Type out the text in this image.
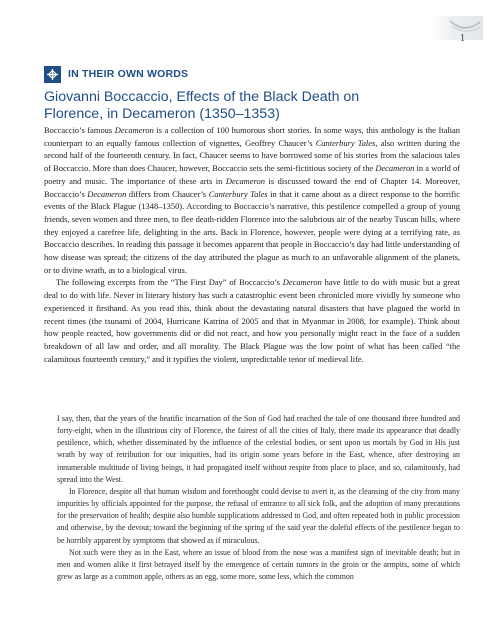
1
IN THEIR OWN WORDS
Giovanni Boccaccio, Effects of the Black Death on Florence, in Decameron (1350–1353)

Boccaccio’s famous Decameron is a collection of 100 humorous short stories. In some ways, this anthology is the Italian counterpart to an equally famous collection of vignettes, Geoffrey Chaucer’s Canterbury Tales, also written during the second half of the fourteenth century. In fact, Chaucer seems to have borrowed some of his stories from the salacious tales of Boccaccio. More than does Chaucer, however, Boccaccio sets the semi-fictitious society of the Decameron in a world of poetry and music. The importance of these arts in Decameron is discussed toward the end of Chapter 14. Moreover, Boccaccio’s Decameron differs from Chaucer’s Canterbury Tales in that it came about as a direct response to the horrific events of the Black Plague (1348–1350). According to Boccaccio’s narrative, this pestilence compelled a group of young friends, seven women and three men, to flee death-ridden Florence into the salubrious air of the nearby Tuscan hills, where they enjoyed a carefree life, delighting in the arts. Back in Florence, however, people were dying at a terrifying rate, as Boccaccio describes. In reading this passage it becomes apparent that people in Boccaccio’s day had little understanding of how disease was spread; the citizens of the day attributed the plague as much to an unfavorable alignment of the planets, or to divine wrath, as to a biological virus.

The following excerpts from the “The First Day” of Boccaccio’s Decameron have little to do with music but a great deal to do with life. Never in literary history has such a catastrophic event been chronicled more vividly by someone who experienced it firsthand. As you read this, think about the devastating natural disasters that have plagued the world in recent times (the tsunami of 2004, Hurricane Katrina of 2005 and that in Myanmar in 2008, for example). Think about how people reacted, how governments did or did not react, and how you personally might react in the face of a sudden breakdown of all law and order, and all morality. The Black Plague was the low point of what has been called “the calamitous fourteenth century,” and it typifies the violent, unpredictable tenor of medieval life.

I say, then, that the years of the beatific incarnation of the Son of God had reached the tale of one thousand three hundred and forty-eight, when in the illustrious city of Florence, the fairest of all the cities of Italy, there made its appearance that deadly pestilence, which, whether disseminated by the influence of the celestial bodies, or sent upon us mortals by God in His just wrath by way of retribution for our iniquities, had its origin some years before in the East, whence, after destroying an innumerable multitude of living beings, it had propagated itself without respite from place to place, and so, calamitously, had spread into the West.

In Florence, despite all that human wisdom and forethought could devise to avert it, as the cleansing of the city from many impurities by officials appointed for the purpose, the refusal of entrance to all sick folk, and the adoption of many precautions for the preservation of health; despite also humble supplications addressed to God, and often repeated both in public procession and otherwise, by the devout; toward the beginning of the spring of the said year the doleful effects of the pestilence began to be horribly apparent by symptoms that showed as if miraculous.

Not such were they as in the East, where an issue of blood from the nose was a manifest sign of inevitable death; but in men and women alike it first betrayed itself by the emergence of certain tumors in the groin or the armpits, some of which grew as large as a common apple, others as an egg, some more, some less, which the common
